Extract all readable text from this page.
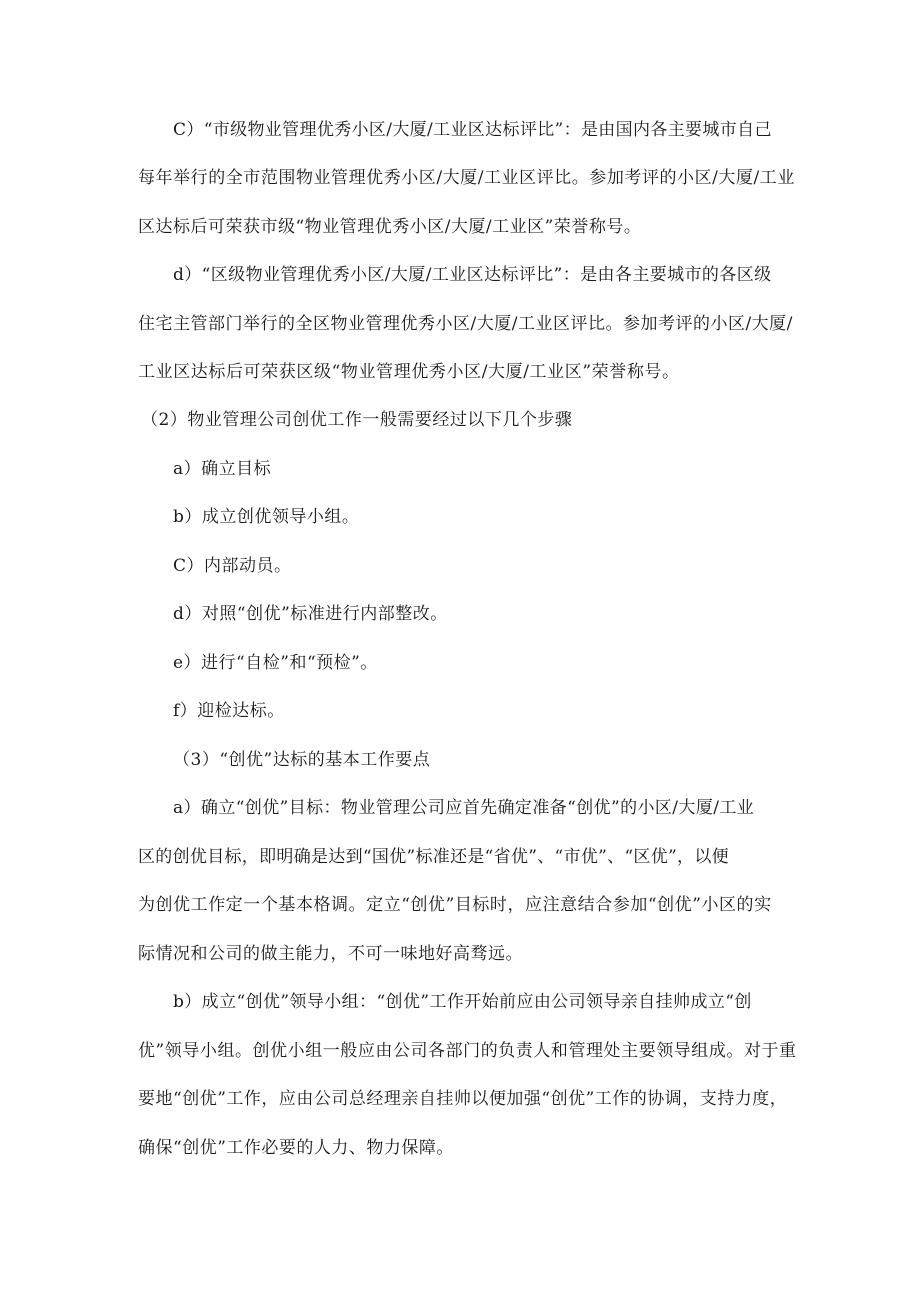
C）“市级物业管理优秀小区/大厦/工业区达标评比”：是由国内各主要城市自己
每年举行的全市范围物业管理优秀小区/大厦/工业区评比。参加考评的小区/大厦/工业
区达标后可荣获市级“物业管理优秀小区/大厦/工业区”荣誉称号。
d）“区级物业管理优秀小区/大厦/工业区达标评比”：是由各主要城市的各区级
住宅主管部门举行的全区物业管理优秀小区/大厦/工业区评比。参加考评的小区/大厦/
工业区达标后可荣获区级“物业管理优秀小区/大厦/工业区”荣誉称号。
（2）物业管理公司创优工作一般需要经过以下几个步骤
a）确立目标
b）成立创优领导小组。
C）内部动员。
d）对照“创优”标准进行内部整改。
e）进行“自检”和“预检”。
f）迎检达标。
（3）“创优”达标的基本工作要点
a）确立“创优”目标：物业管理公司应首先确定准备“创优”的小区/大厦/工业
区的创优目标，即明确是达到“国优”标准还是“省优”、“市优”、“区优”，以便
为创优工作定一个基本格调。定立“创优”目标时，应注意结合参加“创优”小区的实
际情况和公司的做主能力，不可一味地好高骛远。
b）成立“创优”领导小组：“创优”工作开始前应由公司领导亲自挂帅成立“创
优”领导小组。创优小组一般应由公司各部门的负责人和管理处主要领导组成。对于重
要地“创优”工作，应由公司总经理亲自挂帅以便加强“创优”工作的协调，支持力度，
确保“创优”工作必要的人力、物力保障。
